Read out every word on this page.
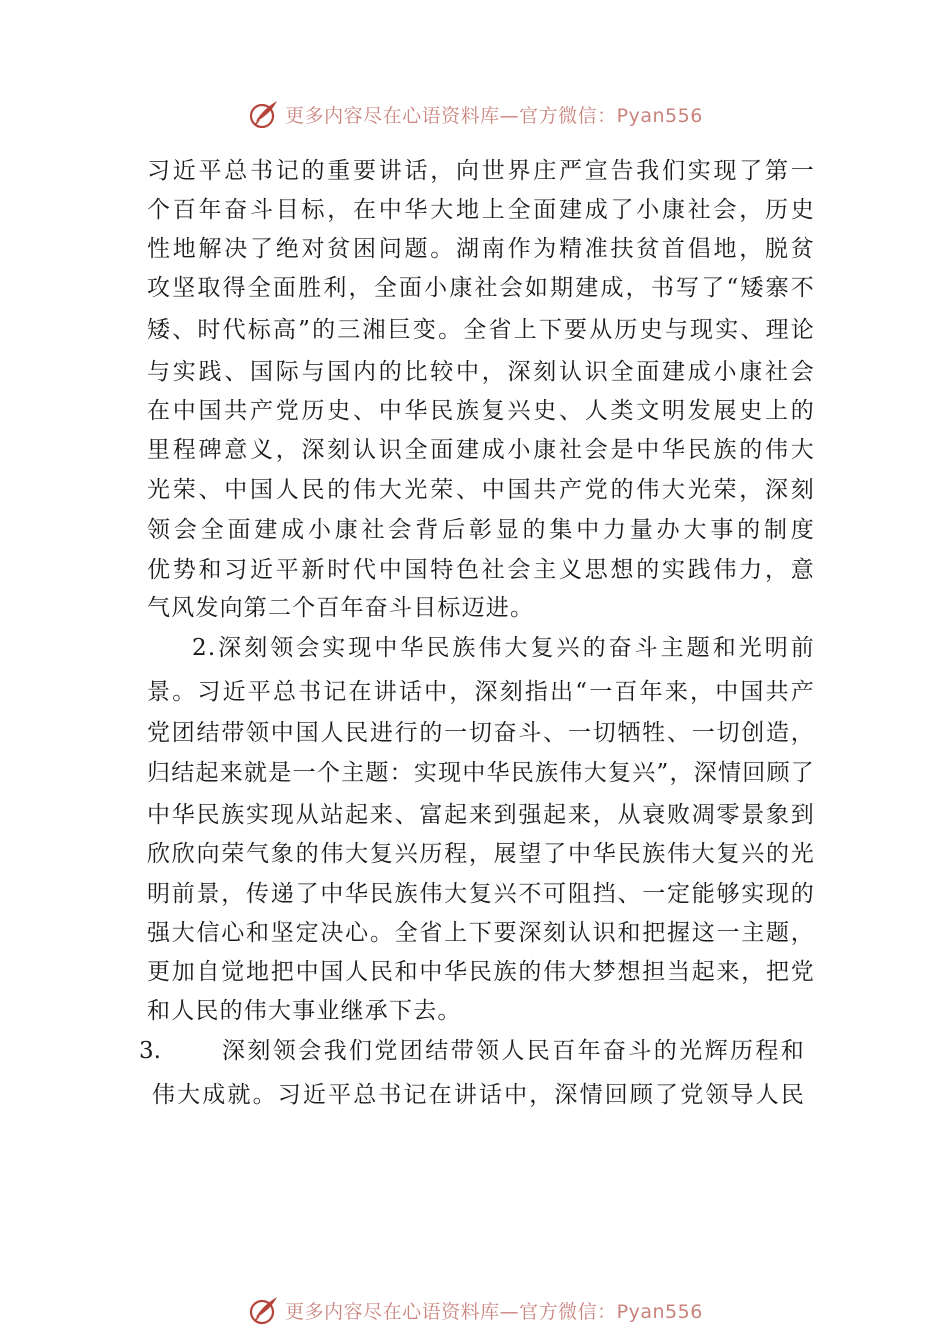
更多内容尽在心语资料库—官方微信：Pyan556
习近平总书记的重要讲话，向世界庄严宣告我们实现了第一
个百年奋斗目标，在中华大地上全面建成了小康社会，历史
性地解决了绝对贫困问题。湖南作为精准扶贫首倡地，脱贫
攻坚取得全面胜利，全面小康社会如期建成，书写了“矮寨不
矮、时代标高”的三湘巨变。全省上下要从历史与现实、理论
与实践、国际与国内的比较中，深刻认识全面建成小康社会
在中国共产党历史、中华民族复兴史、人类文明发展史上的
里程碑意义，深刻认识全面建成小康社会是中华民族的伟大
光荣、中国人民的伟大光荣、中国共产党的伟大光荣，深刻
领会全面建成小康社会背后彰显的集中力量办大事的制度
优势和习近平新时代中国特色社会主义思想的实践伟力，意
气风发向第二个百年奋斗目标迈进。
2.深刻领会实现中华民族伟大复兴的奋斗主题和光明前
景。习近平总书记在讲话中，深刻指出“一百年来，中国共产
党团结带领中国人民进行的一切奋斗、一切牺牲、一切创造，
归结起来就是一个主题：实现中华民族伟大复兴”，深情回顾了
中华民族实现从站起来、富起来到强起来，从衰败凋零景象到
欣欣向荣气象的伟大复兴历程，展望了中华民族伟大复兴的光
明前景，传递了中华民族伟大复兴不可阻挡、一定能够实现的
强大信心和坚定决心。全省上下要深刻认识和把握这一主题，
更加自觉地把中国人民和中华民族的伟大梦想担当起来，把党
和人民的伟大事业继承下去。
3.	深刻领会我们党团结带领人民百年奋斗的光辉历程和
伟大成就。习近平总书记在讲话中，深情回顾了党领导人民
更多内容尽在心语资料库—官方微信：Pyan556
